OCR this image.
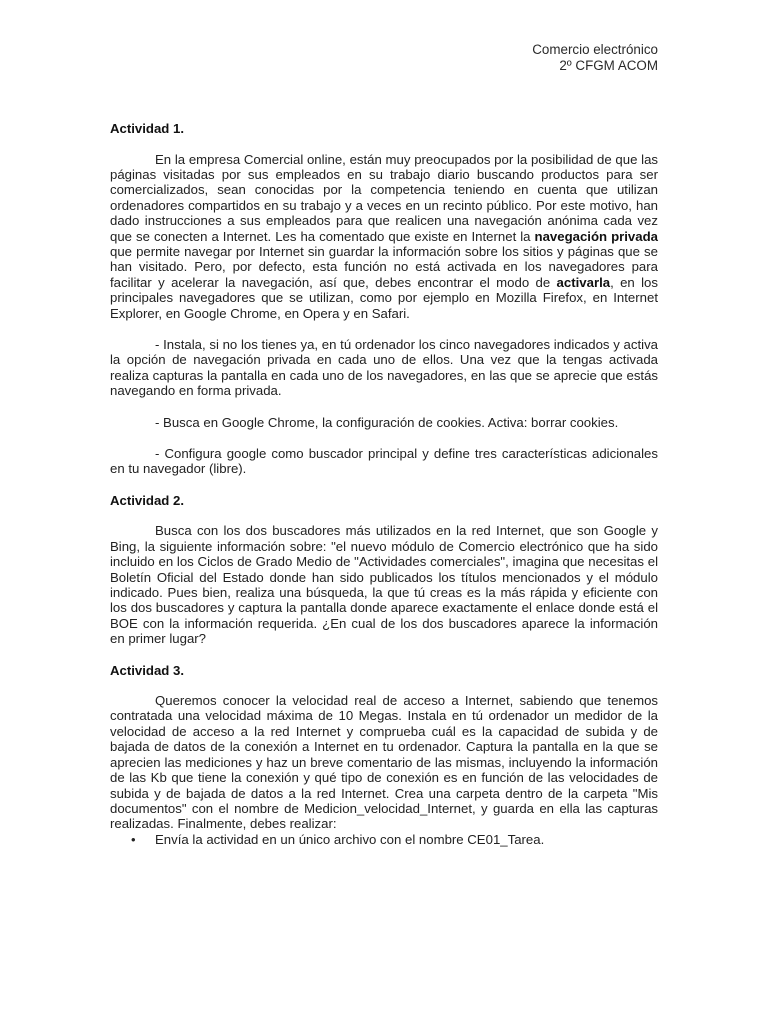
Comercio electrónico
2º CFGM ACOM
Actividad 1.

En la empresa Comercial online, están muy preocupados por la posibilidad de que las páginas visitadas por sus empleados en su trabajo diario buscando productos para ser comercializados, sean conocidas por la competencia teniendo en cuenta que utilizan ordenadores compartidos en su trabajo y a veces en un recinto público. Por este motivo, han dado instrucciones a sus empleados para que realicen una navegación anónima cada vez que se conecten a Internet. Les ha comentado que existe en Internet la navegación privada que permite navegar por Internet sin guardar la información sobre los sitios y páginas que se han visitado. Pero, por defecto, esta función no está activada en los navegadores para facilitar y acelerar la navegación, así que, debes encontrar el modo de activarla, en los principales navegadores que se utilizan, como por ejemplo en Mozilla Firefox, en Internet Explorer, en Google Chrome, en Opera y en Safari.

- Instala, si no los tienes ya, en tú ordenador los cinco navegadores indicados y activa la opción de navegación privada en cada uno de ellos. Una vez que la tengas activada realiza capturas la pantalla en cada uno de los navegadores, en las que se aprecie que estás navegando en forma privada.

- Busca en Google Chrome, la configuración de cookies. Activa: borrar cookies.

- Configura google como buscador principal y define tres características adicionales en tu navegador (libre).

Actividad 2.

Busca con los dos buscadores más utilizados en la red Internet, que son Google y Bing, la siguiente información sobre: "el nuevo módulo de Comercio electrónico que ha sido incluido en los Ciclos de Grado Medio de "Actividades comerciales", imagina que necesitas el Boletín Oficial del Estado donde han sido publicados los títulos mencionados y el módulo indicado. Pues bien, realiza una búsqueda, la que tú creas es la más rápida y eficiente con los dos buscadores y captura la pantalla donde aparece exactamente el enlace donde está el BOE con la información requerida. ¿En cual de los dos buscadores aparece la información en primer lugar?

Actividad 3.

Queremos conocer la velocidad real de acceso a Internet, sabiendo que tenemos contratada una velocidad máxima de 10 Megas. Instala en tú ordenador un medidor de la velocidad de acceso a la red Internet y comprueba cuál es la capacidad de subida y de bajada de datos de la conexión a Internet en tu ordenador. Captura la pantalla en la que se aprecien las mediciones y haz un breve comentario de las mismas, incluyendo la información de las Kb que tiene la conexión y qué tipo de conexión es en función de las velocidades de subida y de bajada de datos a la red Internet. Crea una carpeta dentro de la carpeta "Mis documentos" con el nombre de Medicion_velocidad_Internet, y guarda en ella las capturas realizadas. Finalmente, debes realizar:

• Envía la actividad en un único archivo con el nombre CE01_Tarea.
